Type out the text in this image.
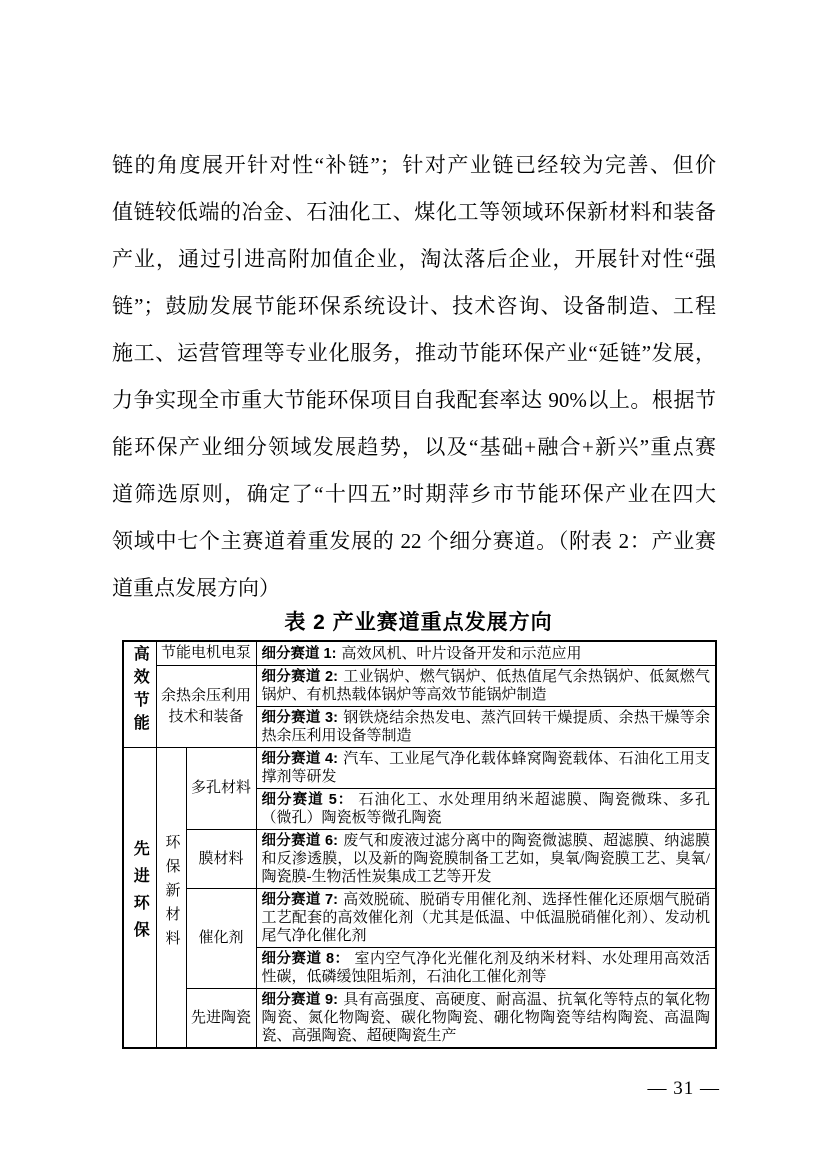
链的角度展开针对性“补链”；针对产业链已经较为完善、但价
值链较低端的冶金、石油化工、煤化工等领域环保新材料和装备
产业，通过引进高附加值企业，淘汰落后企业，开展针对性“强
链”；鼓励发展节能环保系统设计、技术咨询、设备制造、工程
施工、运营管理等专业化服务，推动节能环保产业“延链”发展，
力争实现全市重大节能环保项目自我配套率达 90%以上。根据节
能环保产业细分领域发展趋势，以及“基础+融合+新兴”重点赛
道筛选原则，确定了“十四五”时期萍乡市节能环保产业在四大
领域中七个主赛道着重发展的 22 个细分赛道。（附表 2：产业赛
道重点发展方向）
表 2 产业赛道重点发展方向
高效节能	节能电机电泵		细分赛道 1: 高效风机、叶片设备开发和示范应用
	余热余压利用技术和装备		细分赛道 2: 工业锅炉、燃气锅炉、低热值尾气余热锅炉、低氮燃气锅炉、有机热载体锅炉等高效节能锅炉制造
			细分赛道 3: 钢铁烧结余热发电、蒸汽回转干燥提质、余热干燥等余热余压利用设备等制造
先进环保	环保新材料	多孔材料	细分赛道 4: 汽车、工业尾气净化载体蜂窝陶瓷载体、石油化工用支撑剂等研发
			细分赛道 5： 石油化工、水处理用纳米超滤膜、陶瓷微珠、多孔（微孔）陶瓷板等微孔陶瓷
		膜材料	细分赛道 6: 废气和废液过滤分离中的陶瓷微滤膜、超滤膜、纳滤膜和反渗透膜，以及新的陶瓷膜制备工艺如，臭氧/陶瓷膜工艺、臭氧/陶瓷膜-生物活性炭集成工艺等开发
		催化剂	细分赛道 7: 高效脱硫、脱硝专用催化剂、选择性催化还原烟气脱硝工艺配套的高效催化剂（尤其是低温、中低温脱硝催化剂）、发动机尾气净化催化剂
			细分赛道 8： 室内空气净化光催化剂及纳米材料、水处理用高效活性碳，低磷缓蚀阻垢剂，石油化工催化剂等
		先进陶瓷	细分赛道 9: 具有高强度、高硬度、耐高温、抗氧化等特点的氧化物陶瓷、氮化物陶瓷、碳化物陶瓷、硼化物陶瓷等结构陶瓷、高温陶瓷、高强陶瓷、超硬陶瓷生产
— 31 —
